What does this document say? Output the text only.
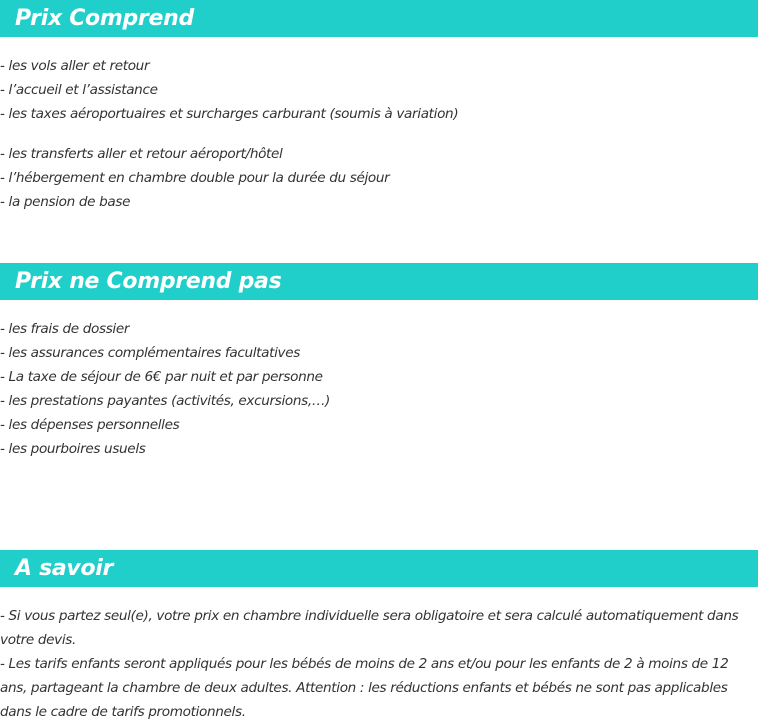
Prix Comprend
- les vols aller et retour
- l’accueil et l’assistance
- les taxes aéroportuaires et surcharges carburant (soumis à variation)
- les transferts aller et retour aéroport/hôtel
- l’hébergement en chambre double pour la durée du séjour
- la pension de base
Prix ne Comprend pas
- les frais de dossier
- les assurances complémentaires facultatives
- La taxe de séjour de 6€ par nuit et par personne
- les prestations payantes (activités, excursions,…)
- les dépenses personnelles
- les pourboires usuels
A savoir

- Si vous partez seul(e), votre prix en chambre individuelle sera obligatoire et sera calculé automatiquement dans votre devis.

- Les tarifs enfants seront appliqués pour les bébés de moins de 2 ans et/ou pour les enfants de 2 à moins de 12 ans, partageant la chambre de deux adultes. Attention : les réductions enfants et bébés ne sont pas applicables dans le cadre de tarifs promotionnels.
